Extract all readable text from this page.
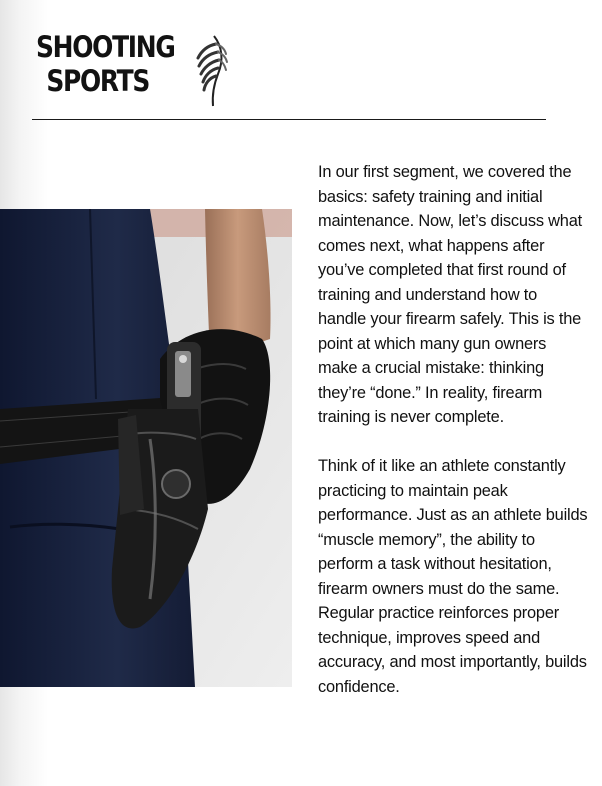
SHOOTING
SPORTS

In our first segment, we covered the basics: safety training and initial maintenance. Now, let’s discuss what comes next, what happens after you’ve completed that first round of training and understand how to handle your firearm safely. This is the point at which many gun owners make a crucial mistake: thinking they’re “done.” In reality, firearm training is never complete.

Think of it like an athlete constantly practicing to maintain peak performance. Just as an athlete builds “muscle memory”, the ability to perform a task without hesitation, firearm owners must do the same. Regular practice reinforces proper technique, improves speed and accuracy, and most importantly, builds confidence.
